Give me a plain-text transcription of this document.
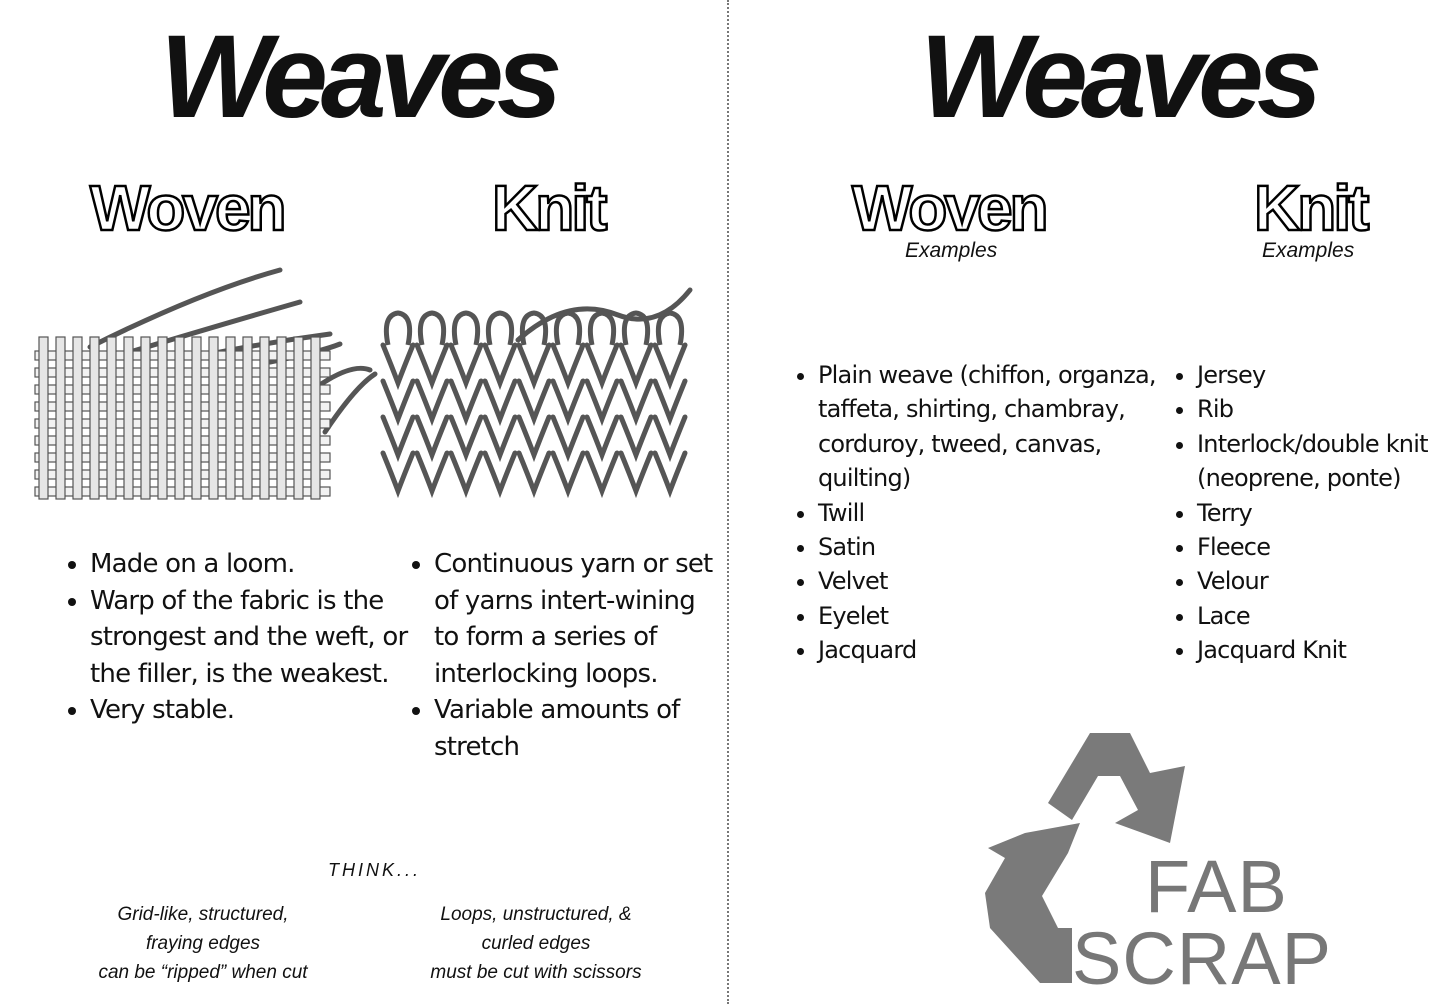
Weaves
Woven	Knit
• Made on a loom.
• Warp of the fabric is the strongest and the weft, or the filler, is the weakest.
• Very stable.
• Continuous yarn or set of yarns intert-wining to form a series of interlocking loops.
• Variable amounts of stretch
THINK...
Grid-like, structured,
fraying edges
can be “ripped” when cut
Loops, unstructured, &
curled edges
must be cut with scissors
Weaves
Woven
Examples
Knit
Examples
• Plain weave (chiffon, organza, taffeta, shirting, chambray, corduroy, tweed, canvas, quilting)
• Twill
• Satin
• Velvet
• Eyelet
• Jacquard
• Jersey
• Rib
• Interlock/double knit (neoprene, ponte)
• Terry
• Fleece
• Velour
• Lace
• Jacquard Knit
FAB
SCRAP
